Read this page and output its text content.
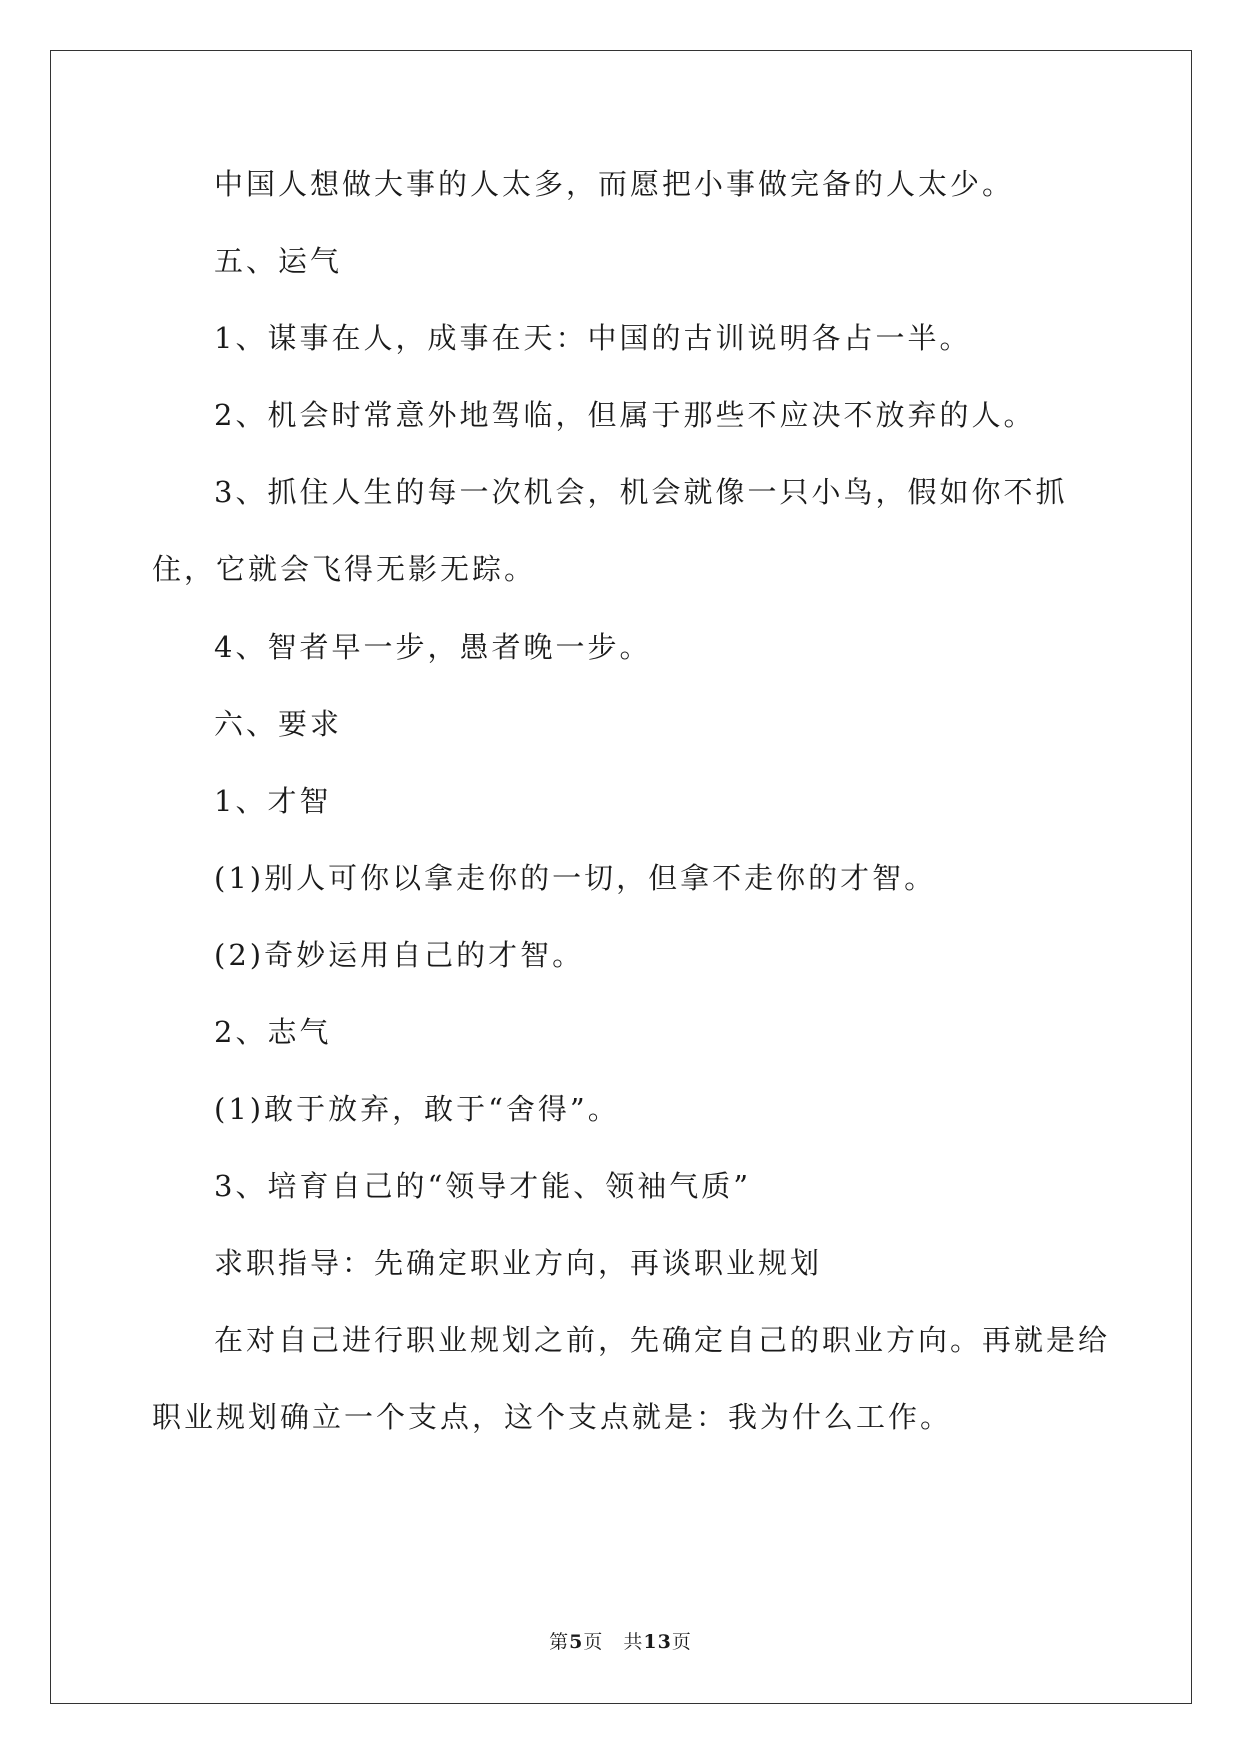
中国人想做大事的人太多，而愿把小事做完备的人太少。

五、运气

1、谋事在人，成事在天：中国的古训说明各占一半。

2、机会时常意外地驾临，但属于那些不应决不放弃的人。

3、抓住人生的每一次机会，机会就像一只小鸟，假如你不抓住，它就会飞得无影无踪。

4、智者早一步，愚者晚一步。

六、要求

1、才智

(1)别人可你以拿走你的一切，但拿不走你的才智。

(2)奇妙运用自己的才智。

2、志气

(1)敢于放弃，敢于“舍得”。

3、培育自己的“领导才能、领袖气质”

求职指导：先确定职业方向，再谈职业规划

在对自己进行职业规划之前，先确定自己的职业方向。再就是给职业规划确立一个支点，这个支点就是：我为什么工作。

第5页 共13页
